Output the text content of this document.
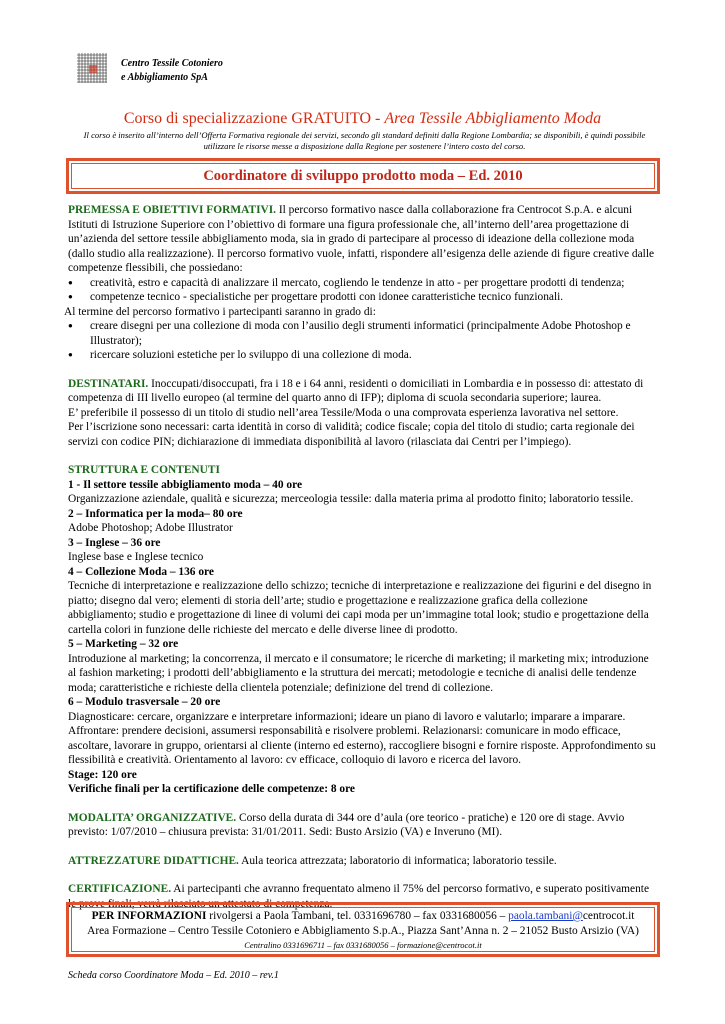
Centro Tessile Cotoniero
e Abbigliamento SpA
Corso di specializzazione GRATUITO - Area Tessile Abbigliamento Moda
Il corso è inserito all’interno dell’Offerta Formativa regionale dei servizi, secondo gli standard definiti dalla Regione Lombardia; se disponibili, è quindi possibile utilizzare le risorse messe a disposizione dalla Regione per sostenere l’intero costo del corso.
Coordinatore di sviluppo prodotto moda – Ed. 2010

PREMESSA E OBIETTIVI FORMATIVI. Il percorso formativo nasce dalla collaborazione fra Centrocot S.p.A. e alcuni Istituti di Istruzione Superiore con l’obiettivo di formare una figura professionale che, all’interno dell’area progettazione di un’azienda del settore tessile abbigliamento moda, sia in grado di partecipare al processo di ideazione della collezione moda (dallo studio alla realizzazione). Il percorso formativo vuole, infatti, rispondere all’esigenza delle aziende di figure creative dalle competenze flessibili, che possiedano:

● creatività, estro e capacità di analizzare il mercato, cogliendo le tendenze in atto - per progettare prodotti di tendenza;
● competenze tecnico - specialistiche per progettare prodotti con idonee caratteristiche tecnico funzionali.

Al termine del percorso formativo i partecipanti saranno in grado di:

● creare disegni per una collezione di moda con l’ausilio degli strumenti informatici (principalmente Adobe Photoshop e Illustrator);
● ricercare soluzioni estetiche per lo sviluppo di una collezione di moda.

DESTINATARI. Inoccupati/disoccupati, fra i 18 e i 64 anni, residenti o domiciliati in Lombardia e in possesso di: attestato di competenza di III livello europeo (al termine del quarto anno di IFP); diploma di scuola secondaria superiore; laurea.

E’ preferibile il possesso di un titolo di studio nell’area Tessile/Moda o una comprovata esperienza lavorativa nel settore.

Per l’iscrizione sono necessari: carta identità in corso di validità; codice fiscale; copia del titolo di studio; carta regionale dei servizi con codice PIN; dichiarazione di immediata disponibilità al lavoro (rilasciata dai Centri per l’impiego).

STRUTTURA E CONTENUTI

1 - Il settore tessile abbigliamento moda – 40 ore

Organizzazione aziendale, qualità e sicurezza; merceologia tessile: dalla materia prima al prodotto finito; laboratorio tessile.

2 – Informatica per la moda– 80 ore

Adobe Photoshop; Adobe Illustrator

3 – Inglese – 36 ore

Inglese base e Inglese tecnico

4 – Collezione Moda – 136 ore

Tecniche di interpretazione e realizzazione dello schizzo; tecniche di interpretazione e realizzazione dei figurini e del disegno in piatto; disegno dal vero; elementi di storia dell’arte; studio e progettazione e realizzazione grafica della collezione abbigliamento; studio e progettazione di linee di volumi dei capi moda per un’immagine total look; studio e progettazione della cartella colori in funzione delle richieste del mercato e delle diverse linee di prodotto.

5 – Marketing – 32 ore

Introduzione al marketing; la concorrenza, il mercato e il consumatore; le ricerche di marketing; il marketing mix; introduzione al fashion marketing; i prodotti dell’abbigliamento e la struttura dei mercati; metodologie e tecniche di analisi delle tendenze moda; caratteristiche e richieste della clientela potenziale; definizione del trend di collezione.

6 – Modulo trasversale – 20 ore

Diagnosticare: cercare, organizzare e interpretare informazioni; ideare un piano di lavoro e valutarlo; imparare a imparare. Affrontare: prendere decisioni, assumersi responsabilità e risolvere problemi. Relazionarsi: comunicare in modo efficace, ascoltare, lavorare in gruppo, orientarsi al cliente (interno ed esterno), raccogliere bisogni e fornire risposte. Approfondimento su flessibilità e creatività. Orientamento al lavoro: cv efficace, colloquio di lavoro e ricerca del lavoro.

Stage: 120 ore

Verifiche finali per la certificazione delle competenze: 8 ore

MODALITA’ ORGANIZZATIVE. Corso della durata di 344 ore d’aula (ore teorico - pratiche) e 120 ore di stage. Avvio previsto: 1/07/2010 – chiusura prevista: 31/01/2011. Sedi: Busto Arsizio (VA) e Inveruno (MI).

ATTREZZATURE DIDATTICHE. Aula teorica attrezzata; laboratorio di informatica; laboratorio tessile.

CERTIFICAZIONE. Ai partecipanti che avranno frequentato almeno il 75% del percorso formativo, e superato positivamente le prove finali, verrà rilasciato un attestato di competenza.

PER INFORMAZIONI rivolgersi a Paola Tambani, tel. 0331696780 – fax 0331680056 – paola.tambani@centrocot.it
Area Formazione – Centro Tessile Cotoniero e Abbigliamento S.p.A., Piazza Sant’Anna n. 2 – 21052 Busto Arsizio (VA)
Centralino 0331696711 – fax 0331680056 – formazione@centrocot.it
Scheda corso Coordinatore Moda – Ed. 2010 – rev.1
